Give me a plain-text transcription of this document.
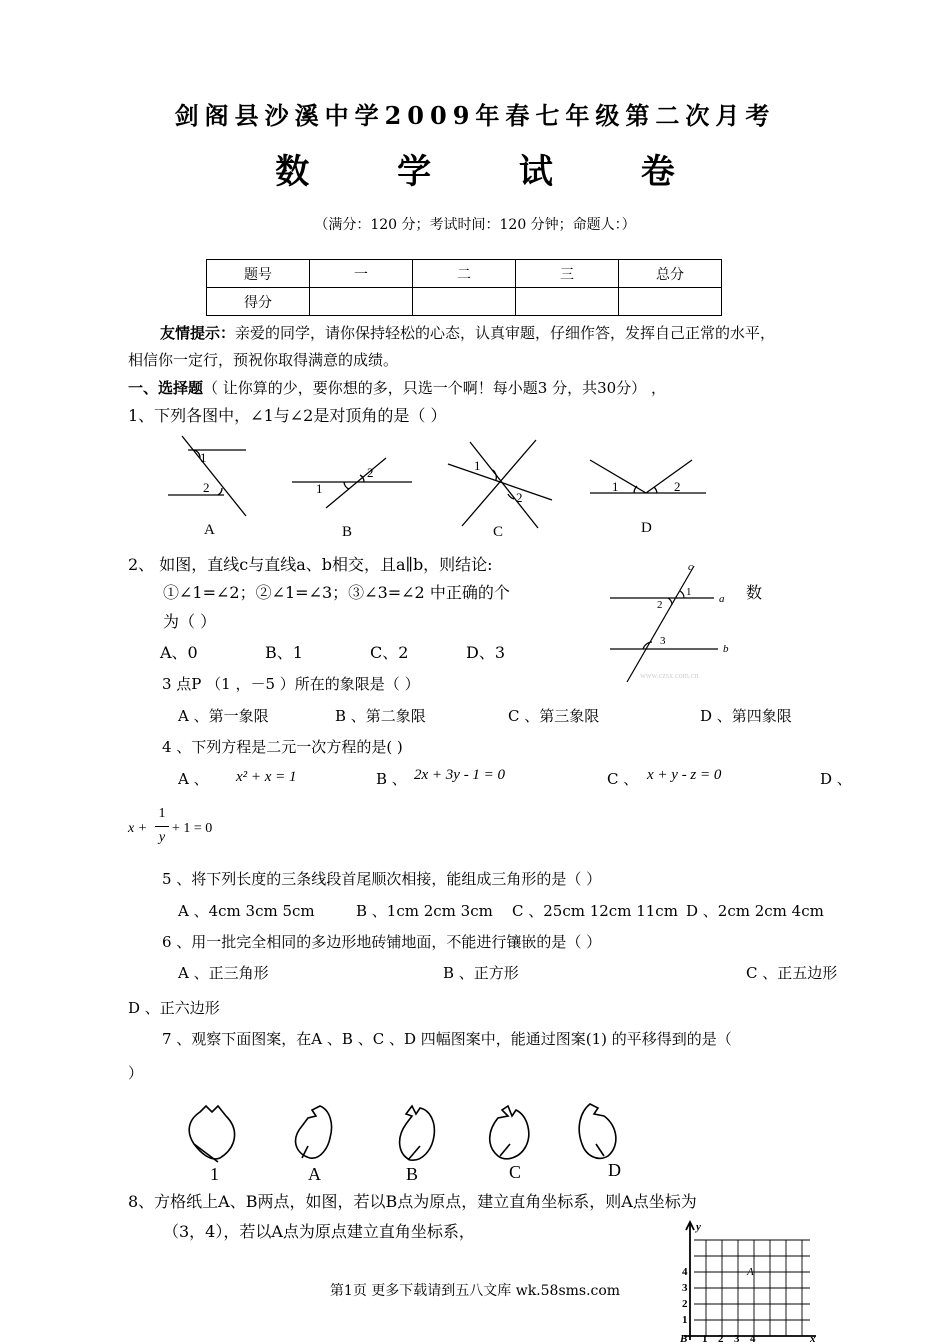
剑阁县沙溪中学2009年春七年级第二次月考
数	学	试	卷
（满分：120 分；考试时间：120 分钟；命题人：）
题号	一	二	三	总分
得分				
友情提示：亲爱的同学，请你保持轻松的心态，认真审题，仔细作答，发挥自己正常的水平，
相信你一定行，预祝你取得满意的成绩。
一、选择题（ 让你算的少，要你想的多，只选一个啊！每小题3 分，共30分） ，
1、下列各图中，∠1与∠2是对顶角的是（ ）
1
2	1
2	1
2
1	2
A	B	C	D
2、 如图，直线c与直线a、b相交，且a∥b，则结论:
①∠1=∠2；②∠1=∠3；③∠3=∠2 中正确的个	数
为（ ）
A、0	B、1	C、2	D、3
c
a
b
1
2
3
www.czsx.com.cn
3 点P （1 ，－5 ）所在的象限是（ ）
A 、第一象限	B 、第二象限	C 、第三象限	D 、第四象限
4 、下列方程是二元一次方程的是( )
A 、 x² + x = 1	B 、 2x + 3y - 1 = 0	C 、 x + y - z = 0	D 、
x +
1
y
+ 1 = 0
5 、将下列长度的三条线段首尾顺次相接，能组成三角形的是（ ）
A 、4cm 3cm 5cm	B 、1cm 2cm 3cm C 、25cm 12cm 11cm D 、2cm 2cm 4cm
6 、用一批完全相同的多边形地砖铺地面，不能进行镶嵌的是（ ）
A 、正三角形	B 、正方形	C 、正五边形
D 、正六边形
7 、观察下面图案，在A 、B 、C 、D 四幅图案中，能通过图案(1) 的平移得到的是（
）
1	A	B	C	D
8、方格纸上A、B两点，如图，若以B点为原点，建立直角坐标系，则A点坐标为
（3，4），若以A点为原点建立直角坐标系，	y
x
A
B
4
3
2
1
1 2 3 4
第1页 更多下载请到五八文库 wk.58sms.com
